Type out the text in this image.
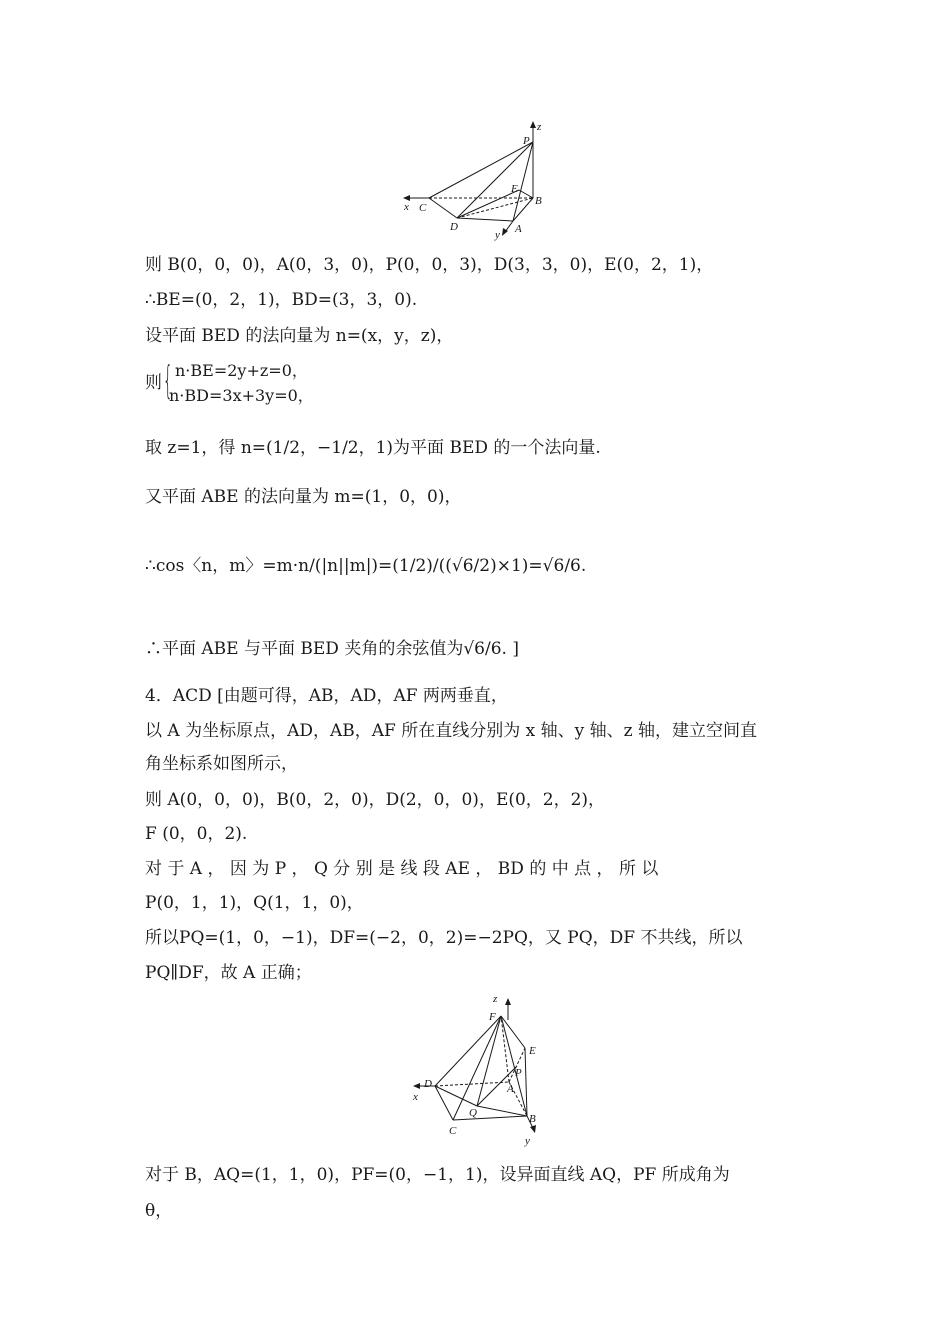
P
z
E
B
x C
D
y A
则 B(0，0，0)，A(0，3，0)，P(0，0，3)，D(3，3，0)，E(0，2，1)，
∴BE=(0，2，1)，BD=(3，3，0).
设平面 BED 的法向量为 n=(x，y，z)，
则 { n·BE=2y+z=0，
n·BD=3x+3y=0，
取 z=1，得 n=(1/2，−1/2，1)为平面 BED 的一个法向量.
又平面 ABE 的法向量为 m=(1，0，0)，
∴cos〈n，m〉=m·n/(|n||m|)=(1/2)/((√6/2)×1)=√6/6.
∴平面 ABE 与平面 BED 夹角的余弦值为√6/6. ]
4．ACD [由题可得，AB，AD，AF 两两垂直，
以 A 为坐标原点，AD，AB，AF 所在直线分别为 x 轴、y 轴、z 轴，建立空间直
角坐标系如图所示，
则 A(0，0，0)，B(0，2，0)，D(2，0，0)，E(0，2，2)，
F (0，0，2).
对 于 A ， 因 为 P ， Q 分 别 是 线 段 AE ， BD 的 中 点 ， 所 以
P(0，1，1)，Q(1，1，0)，
所以PQ=(1，0，−1)，DF=(−2，0，2)=−2PQ，又 PQ，DF 不共线，所以
PQ∥DF，故 A 正确；
z
F
E
P
A
D
x
Q	B
C
y
对于 B，AQ=(1，1，0)，PF=(0，−1，1)，设异面直线 AQ，PF 所成角为
θ，
